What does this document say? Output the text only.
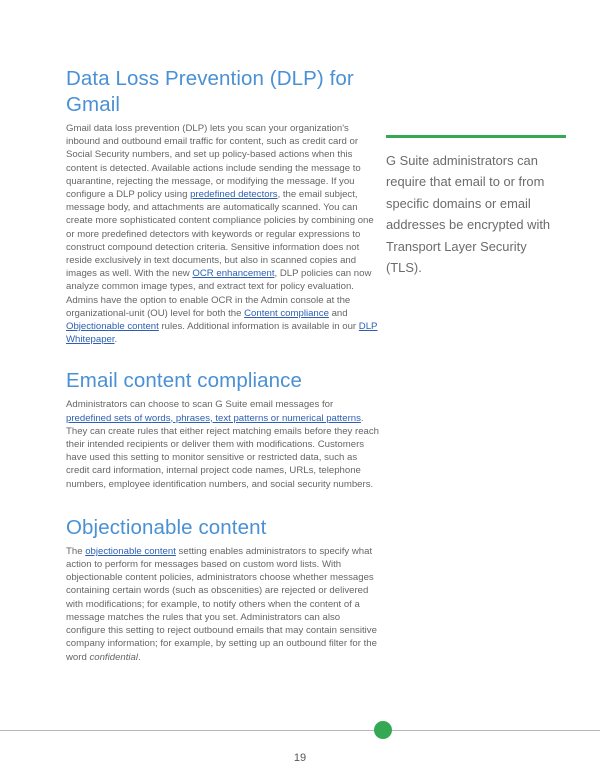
Data Loss Prevention (DLP) for Gmail

Gmail data loss prevention (DLP) lets you scan your organization's inbound and outbound email traffic for content, such as credit card or Social Security numbers, and set up policy-based actions when this content is detected. Available actions include sending the message to quarantine, rejecting the message, or modifying the message. If you configure a DLP policy using predefined detectors, the email subject, message body, and attachments are automatically scanned. You can create more sophisticated content compliance policies by combining one or more predefined detectors with keywords or regular expressions to construct compound detection criteria. Sensitive information does not reside exclusively in text documents, but also in scanned copies and images as well. With the new OCR enhancement, DLP policies can now analyze common image types, and extract text for policy evaluation. Admins have the option to enable OCR in the Admin console at the organizational-unit (OU) level for both the Content compliance and Objectionable content rules. Additional information is available in our DLP Whitepaper.

Email content compliance

Administrators can choose to scan G Suite email messages for predefined sets of words, phrases, text patterns or numerical patterns. They can create rules that either reject matching emails before they reach their intended recipients or deliver them with modifications. Customers have used this setting to monitor sensitive or restricted data, such as credit card information, internal project code names, URLs, telephone numbers, employee identification numbers, and social security numbers.

Objectionable content

The objectionable content setting enables administrators to specify what action to perform for messages based on custom word lists. With objectionable content policies, administrators choose whether messages containing certain words (such as obscenities) are rejected or delivered with modifications; for example, to notify others when the content of a message matches the rules that you set. Administrators can also configure this setting to reject outbound emails that may contain sensitive company information; for example, by setting up an outbound filter for the word confidential.

G Suite administrators can require that email to or from specific domains or email addresses be encrypted with Transport Layer Security (TLS).

19
